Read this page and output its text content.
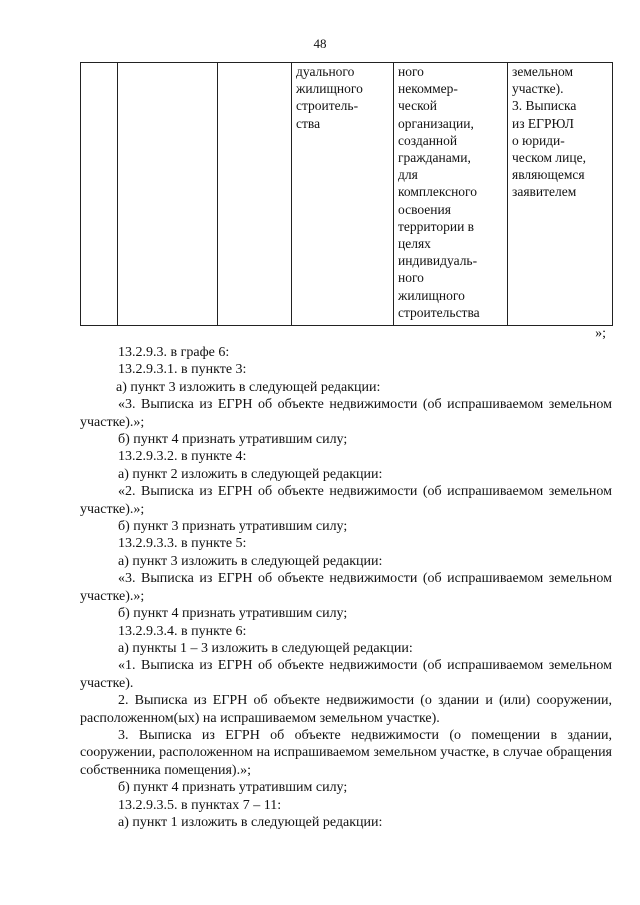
48
			дуального
жилищного
строитель-
ства	ного
некоммер-
ческой
организации,
созданной
гражданами,
для
комплексного
освоения
территории в
целях
индивидуаль-
ного
жилищного
строительства	земельном
участке).
3. Выписка
из ЕГРЮЛ
о юриди-
ческом лице,
являющемся
заявителем
»;

13.2.9.3. в графе 6:

13.2.9.3.1. в пункте 3:

а) пункт 3 изложить в следующей редакции:

«3. Выписка из ЕГРН об объекте недвижимости (об испрашиваемом земельном участке).»;

б) пункт 4 признать утратившим силу;

13.2.9.3.2. в пункте 4:

а) пункт 2 изложить в следующей редакции:

«2. Выписка из ЕГРН об объекте недвижимости (об испрашиваемом земельном участке).»;

б) пункт 3 признать утратившим силу;

13.2.9.3.3. в пункте 5:

а) пункт 3 изложить в следующей редакции:

«3. Выписка из ЕГРН об объекте недвижимости (об испрашиваемом земельном участке).»;

б) пункт 4 признать утратившим силу;

13.2.9.3.4. в пункте 6:

а) пункты 1 – 3 изложить в следующей редакции:

«1. Выписка из ЕГРН об объекте недвижимости (об испрашиваемом земельном участке).

2. Выписка из ЕГРН об объекте недвижимости (о здании и (или) сооружении, расположенном(ых) на испрашиваемом земельном участке).

3. Выписка из ЕГРН об объекте недвижимости (о помещении в здании, сооружении, расположенном на испрашиваемом земельном участке, в случае обращения собственника помещения).»;

б) пункт 4 признать утратившим силу;

13.2.9.3.5. в пунктах 7 – 11:

а) пункт 1 изложить в следующей редакции:
